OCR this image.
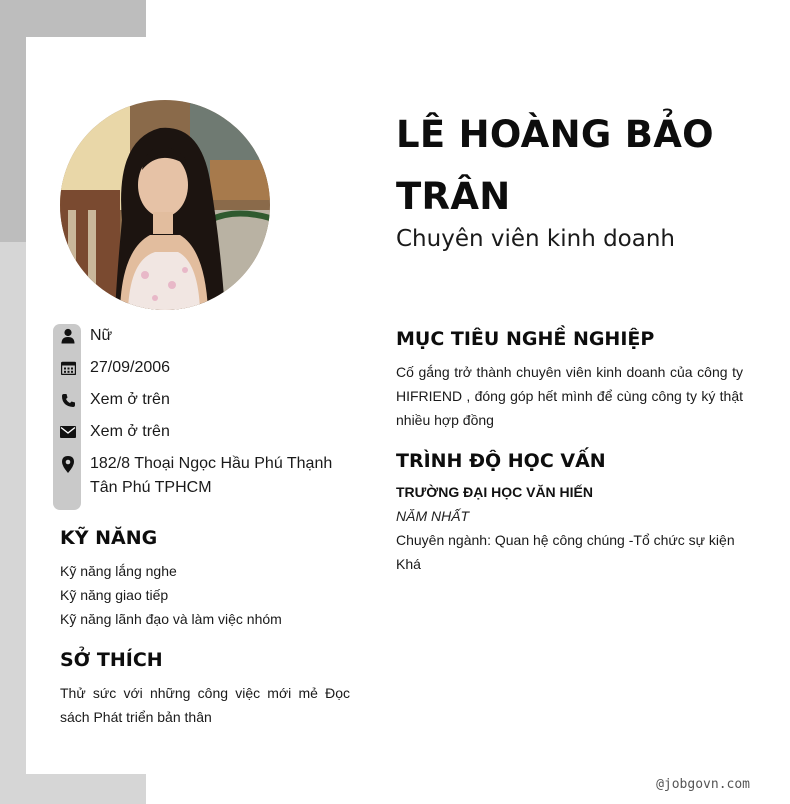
LÊ HOÀNG BẢO TRÂN
Chuyên viên kinh doanh
Nữ
27/09/2006
Xem ở trên
Xem ở trên
182/8 Thoại Ngọc Hầu Phú Thạnh Tân Phú TPHCM
KỸ NĂNG
Kỹ năng lắng nghe
Kỹ năng giao tiếp
Kỹ năng lãnh đạo và làm việc nhóm
SỞ THÍCH
Thử sức với những công việc mới mẻ Đọc sách Phát triển bản thân
MỤC TIÊU NGHỀ NGHIỆP
Cố gắng trở thành chuyên viên kinh doanh của công ty HIFRIEND , đóng góp hết mình để cùng công ty ký thật nhiều hợp đồng
TRÌNH ĐỘ HỌC VẤN
TRƯỜNG ĐẠI HỌC VĂN HIẾN
NĂM NHẤT
Chuyên ngành: Quan hệ công chúng -Tổ chức sự kiện
Khá
@jobgovn.com
